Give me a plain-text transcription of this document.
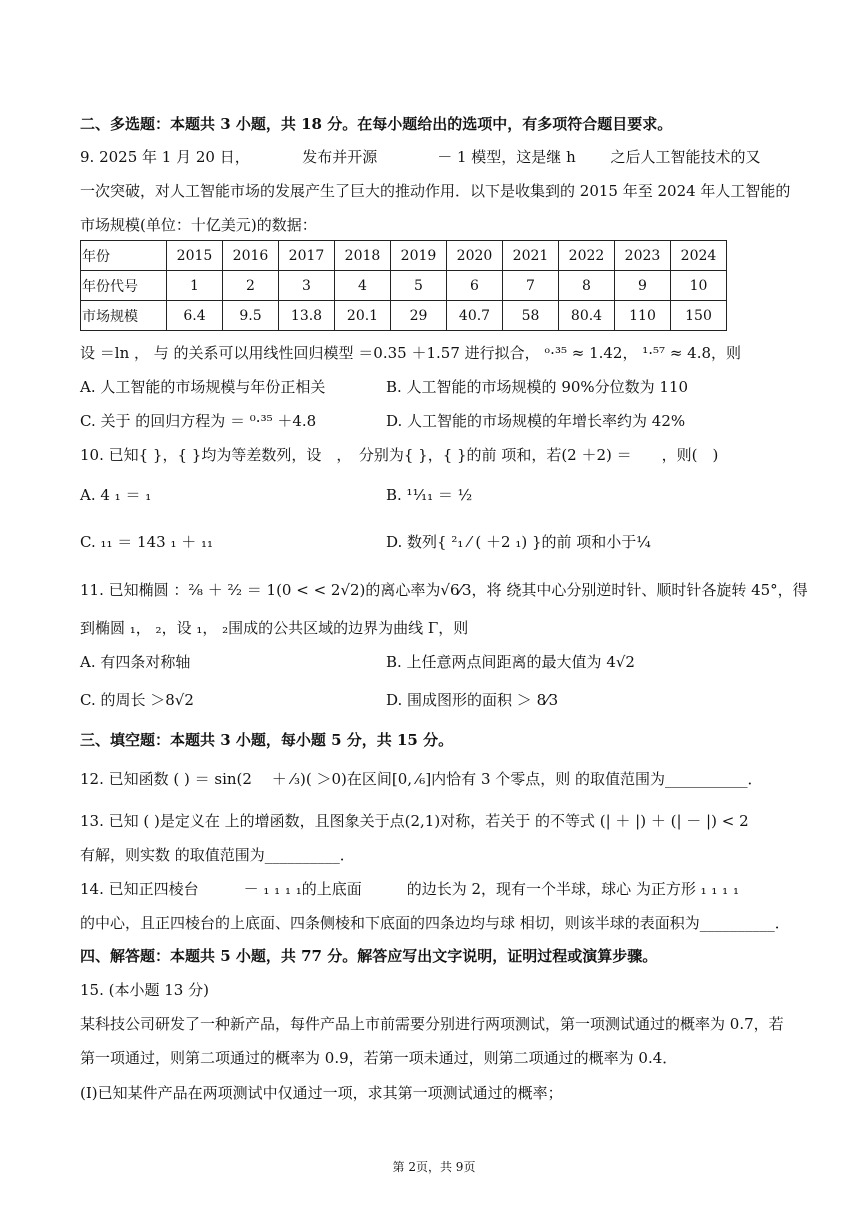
二、多选题：本题共 3 小题，共 18 分。在每小题给出的选项中，有多项符合题目要求。
9. 2025 年 1 月 20 日，　　　　发布并开源　　　　－ 1 模型，这是继 h　　 之后人工智能技术的又
一次突破，对人工智能市场的发展产生了巨大的推动作用．以下是收集到的 2015 年至 2024 年人工智能的
市场规模(单位：十亿美元)的数据：
年份	2015	2016	2017	2018	2019	2020	2021	2022	2023	2024
年份代号	1	2	3	4	5	6	7	8	9	10
市场规模	6.4	9.5	13.8	20.1	29	40.7	58	80.4	110	150
设 ＝ln ， 与 的关系可以用线性回归模型 ＝0.35 ＋1.57 进行拟合， ᵒ·³⁵ ≈ 1.42， ¹·⁵⁷ ≈ 4.8，则
A. 人工智能的市场规模与年份正相关	B. 人工智能的市场规模的 90%分位数为 110
C. 关于 的回归方程为 ＝ ⁰·³⁵ ＋4.8	D. 人工智能的市场规模的年增长率约为 42%
10. 已知{ }，{ }均为等差数列，设　，　分别为{ }，{ }的前 项和，若(2 ＋2) ＝　　，则(　)
A. 4 ₁ ＝ ₁	B. ¹¹⁄₁₁ ＝ ½
C. ₁₁ ＝ 143 ₁ ＋ ₁₁	D. 数列{ ²₁ ⁄ ( ＋2 ₁) }的前 项和小于¼
11. 已知椭圆 ：²⁄₈ ＋ ²⁄₂ ＝ 1(0 < < 2√2)的离心率为√6⁄3，将 绕其中心分别逆时针、顺时针各旋转 45°，得
到椭圆 ₁， ₂，设 ₁， ₂围成的公共区域的边界为曲线 Γ，则
A. 有四条对称轴	B. 上任意两点间距离的最大值为 4√2
C. 的周长 ＞8√2	D. 围成图形的面积 ＞ 8⁄3
三、填空题：本题共 3 小题，每小题 5 分，共 15 分。
12. 已知函数 ( ) ＝ sin(2　 ＋ ⁄₃)( ＞0)在区间[0, ⁄₆]内恰有 3 个零点，则 的取值范围为___________．
13. 已知 ( )是定义在 上的增函数，且图象关于点(2,1)对称，若关于 的不等式 (| ＋ |) ＋ (| － |) < 2
有解，则实数 的取值范围为__________．
14. 已知正四棱台　　　－ ₁ ₁ ₁ ₁的上底面　　　的边长为 2，现有一个半球，球心 为正方形 ₁ ₁ ₁ ₁
的中心，且正四棱台的上底面、四条侧棱和下底面的四条边均与球 相切，则该半球的表面积为__________．
四、解答题：本题共 5 小题，共 77 分。解答应写出文字说明，证明过程或演算步骤。
15. (本小题 13 分)
某科技公司研发了一种新产品，每件产品上市前需要分别进行两项测试，第一项测试通过的概率为 0.7，若
第一项通过，则第二项通过的概率为 0.9，若第一项未通过，则第二项通过的概率为 0.4．
(Ⅰ)已知某件产品在两项测试中仅通过一项，求其第一项测试通过的概率；
第 2页，共 9页
